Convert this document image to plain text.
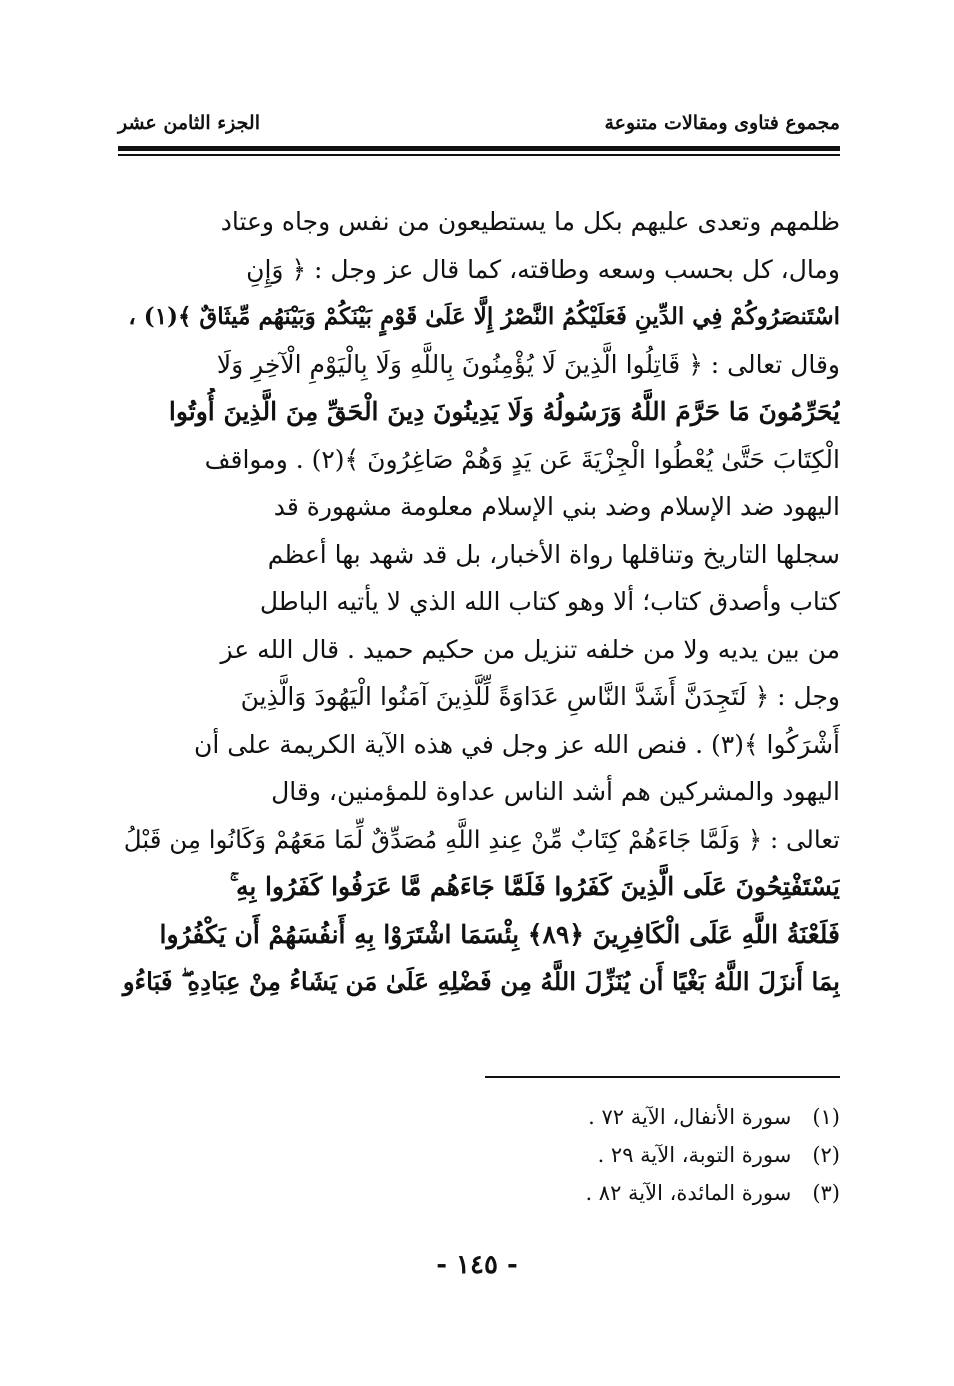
مجموع فتاوى ومقالات متنوعة
الجزء الثامن عشر
ظلمهم وتعدى عليهم بكل ما يستطيعون من نفس وجاه وعتاد
ومال، كل بحسب وسعه وطاقته، كما قال عز وجل : ﴿ وَإِنِ
اسْتَنصَرُوكُمْ فِي الدِّينِ فَعَلَيْكُمُ النَّصْرُ إِلَّا عَلَىٰ قَوْمٍ بَيْنَكُمْ وَبَيْنَهُم مِّيثَاقٌ ﴾(١) ،
وقال تعالى : ﴿ قَاتِلُوا الَّذِينَ لَا يُؤْمِنُونَ بِاللَّهِ وَلَا بِالْيَوْمِ الْآخِرِ وَلَا
يُحَرِّمُونَ مَا حَرَّمَ اللَّهُ وَرَسُولُهُ وَلَا يَدِينُونَ دِينَ الْحَقِّ مِنَ الَّذِينَ أُوتُوا
الْكِتَابَ حَتَّىٰ يُعْطُوا الْجِزْيَةَ عَن يَدٍ وَهُمْ صَاغِرُونَ ﴾(٢) . ومواقف
اليهود ضد الإسلام وضد بني الإسلام معلومة مشهورة قد
سجلها التاريخ وتناقلها رواة الأخبار، بل قد شهد بها أعظم
كتاب وأصدق كتاب؛ ألا وهو كتاب الله الذي لا يأتيه الباطل
من بين يديه ولا من خلفه تنزيل من حكيم حميد . قال الله عز
وجل : ﴿ لَتَجِدَنَّ أَشَدَّ النَّاسِ عَدَاوَةً لِّلَّذِينَ آمَنُوا الْيَهُودَ وَالَّذِينَ
أَشْرَكُوا ﴾(٣) . فنص الله عز وجل في هذه الآية الكريمة على أن
اليهود والمشركين هم أشد الناس عداوة للمؤمنين، وقال
تعالى : ﴿ وَلَمَّا جَاءَهُمْ كِتَابٌ مِّنْ عِندِ اللَّهِ مُصَدِّقٌ لِّمَا مَعَهُمْ وَكَانُوا مِن قَبْلُ
يَسْتَفْتِحُونَ عَلَى الَّذِينَ كَفَرُوا فَلَمَّا جَاءَهُم مَّا عَرَفُوا كَفَرُوا بِهِ ۚ
فَلَعْنَةُ اللَّهِ عَلَى الْكَافِرِينَ ﴿٨٩﴾ بِئْسَمَا اشْتَرَوْا بِهِ أَنفُسَهُمْ أَن يَكْفُرُوا
بِمَا أَنزَلَ اللَّهُ بَغْيًا أَن يُنَزِّلَ اللَّهُ مِن فَضْلِهِ عَلَىٰ مَن يَشَاءُ مِنْ عِبَادِهِ ۖ فَبَاءُو
(١) سورة الأنفال، الآية ٧٢ .
(٢) سورة التوبة، الآية ٢٩ .
(٣) سورة المائدة، الآية ٨٢ .
- ١٤٥ -
